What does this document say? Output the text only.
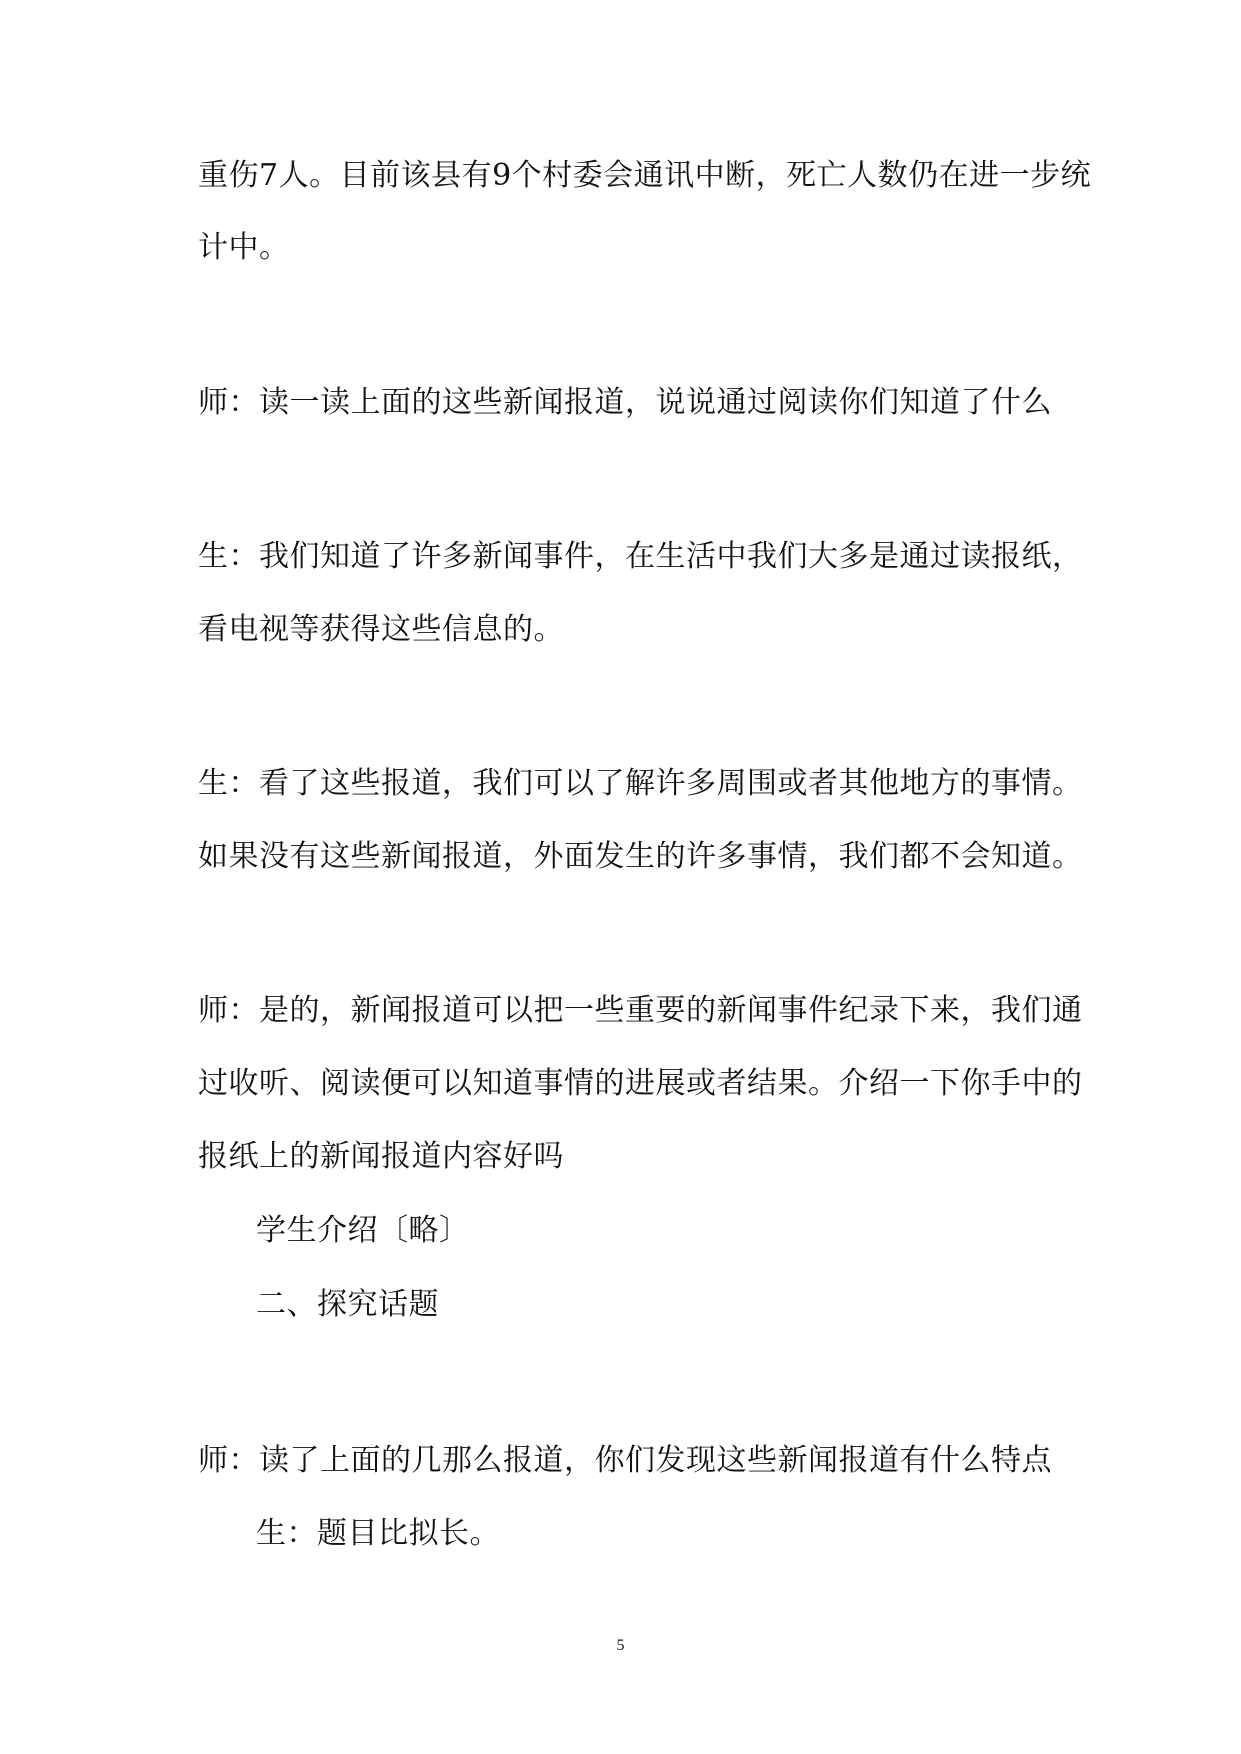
重伤7人。目前该县有9个村委会通讯中断，死亡人数仍在进一步统
计中。
师：读一读上面的这些新闻报道，说说通过阅读你们知道了什么
生：我们知道了许多新闻事件，在生活中我们大多是通过读报纸，
看电视等获得这些信息的。
生：看了这些报道，我们可以了解许多周围或者其他地方的事情。
如果没有这些新闻报道，外面发生的许多事情，我们都不会知道。
师：是的，新闻报道可以把一些重要的新闻事件纪录下来，我们通
过收听、阅读便可以知道事情的进展或者结果。介绍一下你手中的
报纸上的新闻报道内容好吗
学生介绍〔略〕
二、探究话题
师：读了上面的几那么报道，你们发现这些新闻报道有什么特点
生：题目比拟长。
5
